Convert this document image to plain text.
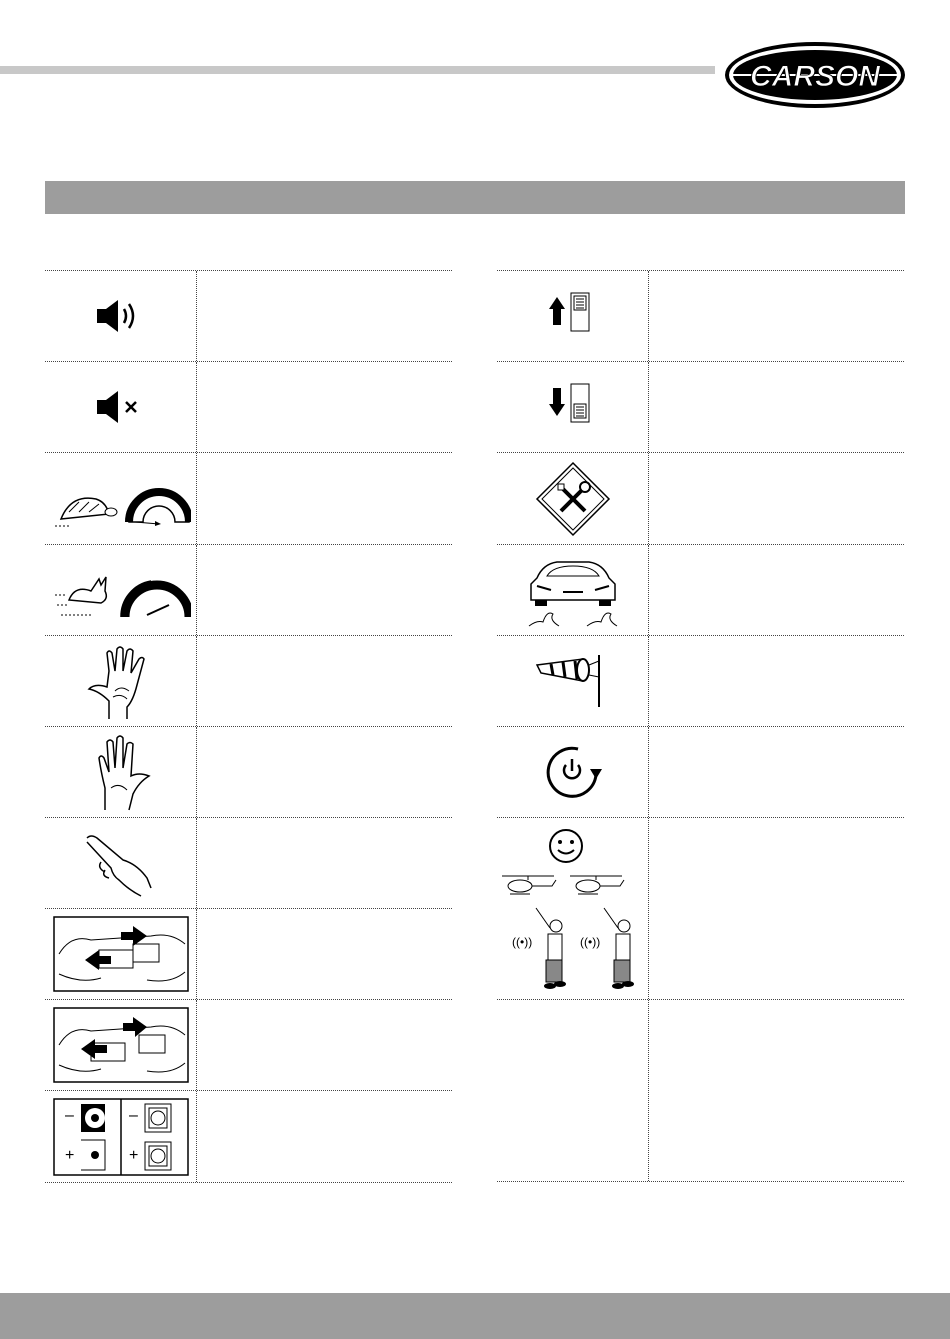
CARSON
–
+
–
+
((•))	((•))
